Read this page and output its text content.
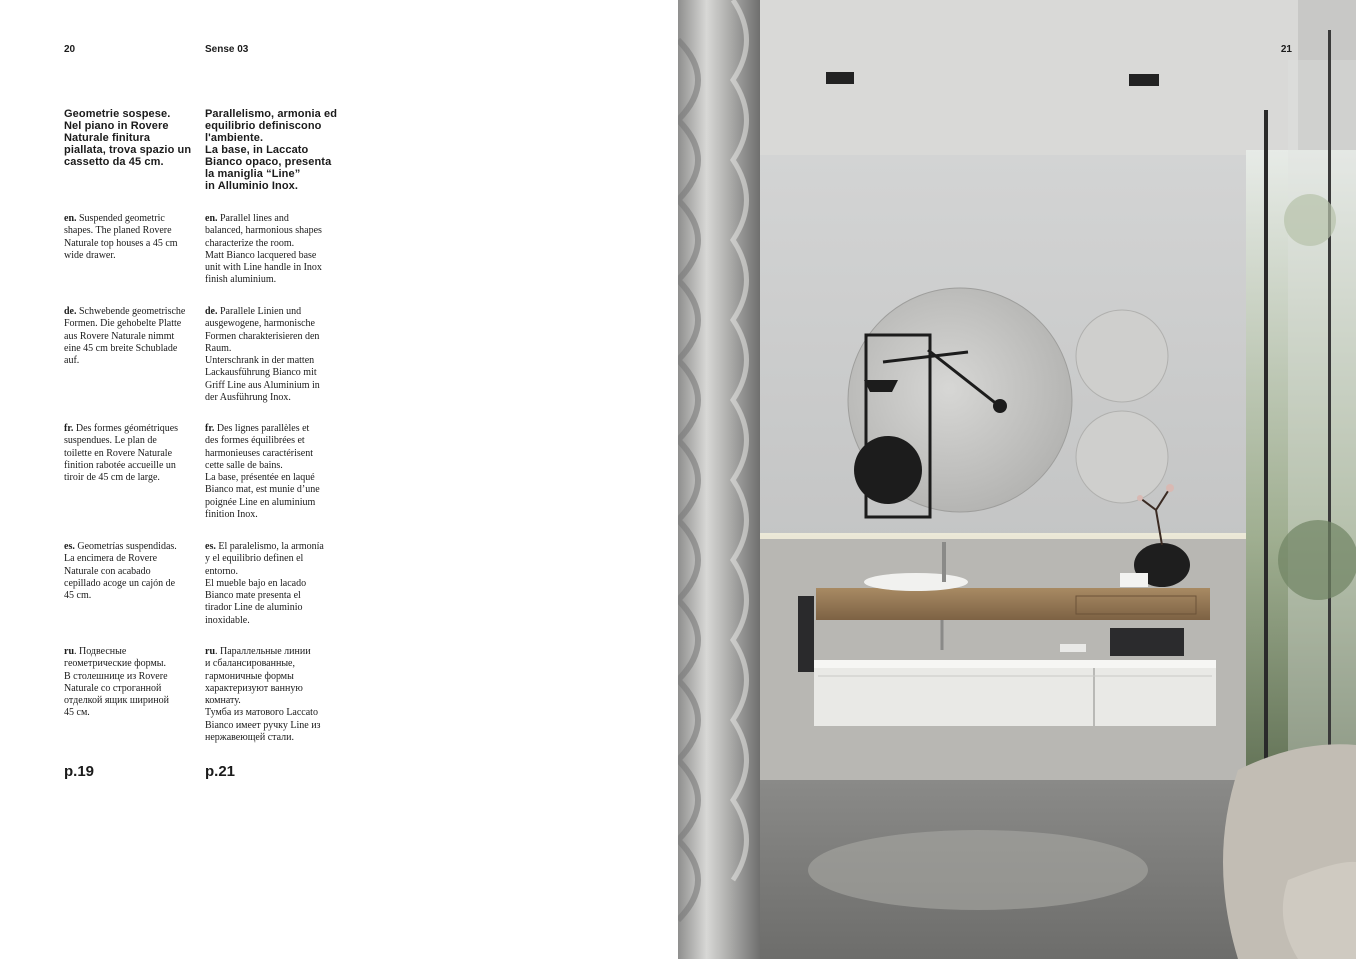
20	Sense 03

Geometrie sospese.
Nel piano in Rovere
Naturale finitura
piallata, trova spazio un
cassetto da 45 cm.

en. Suspended geometric
shapes. The planed Rovere
Naturale top houses a 45 cm
wide drawer.

de. Schwebende geometrische
Formen. Die gehobelte Platte
aus Rovere Naturale nimmt
eine 45 cm breite Schublade
auf.

fr. Des formes géométriques
suspendues. Le plan de
toilette en Rovere Naturale
finition rabotée accueille un
tiroir de 45 cm de large.

es. Geometrías suspendidas.
La encimera de Rovere
Naturale con acabado
cepillado acoge un cajón de
45 cm.

ru. Подвесные
геометрические формы.
В столешнице из Rovere
Naturale со строганной
отделкой ящик шириной
45 см.

p.19

Parallelismo, armonia ed
equilibrio definiscono
l'ambiente.
La base, in Laccato
Bianco opaco, presenta
la maniglia “Line”
in Alluminio Inox.

en. Parallel lines and
balanced, harmonious shapes
characterize the room.
Matt Bianco lacquered base
unit with Line handle in Inox
finish aluminium.

de. Parallele Linien und
ausgewogene, harmonische
Formen charakterisieren den
Raum.
Unterschrank in der matten
Lackausführung Bianco mit
Griff Line aus Aluminium in
der Ausführung Inox.

fr. Des lignes parallèles et
des formes équilibrées et
harmonieuses caractérisent
cette salle de bains.
La base, présentée en laqué
Bianco mat, est munie d’une
poignée Line en aluminium
finition Inox.

es. El paralelismo, la armonía
y el equilibrio definen el
entorno.
El mueble bajo en lacado
Bianco mate presenta el
tirador Line de aluminio
inoxidable.

ru. Параллельные линии
и сбалансированные,
гармоничные формы
характеризуют ванную
комнату.
Тумба из матового Laccato
Bianco имеет ручку Line из
нержавеющей стали.

p.21

21
